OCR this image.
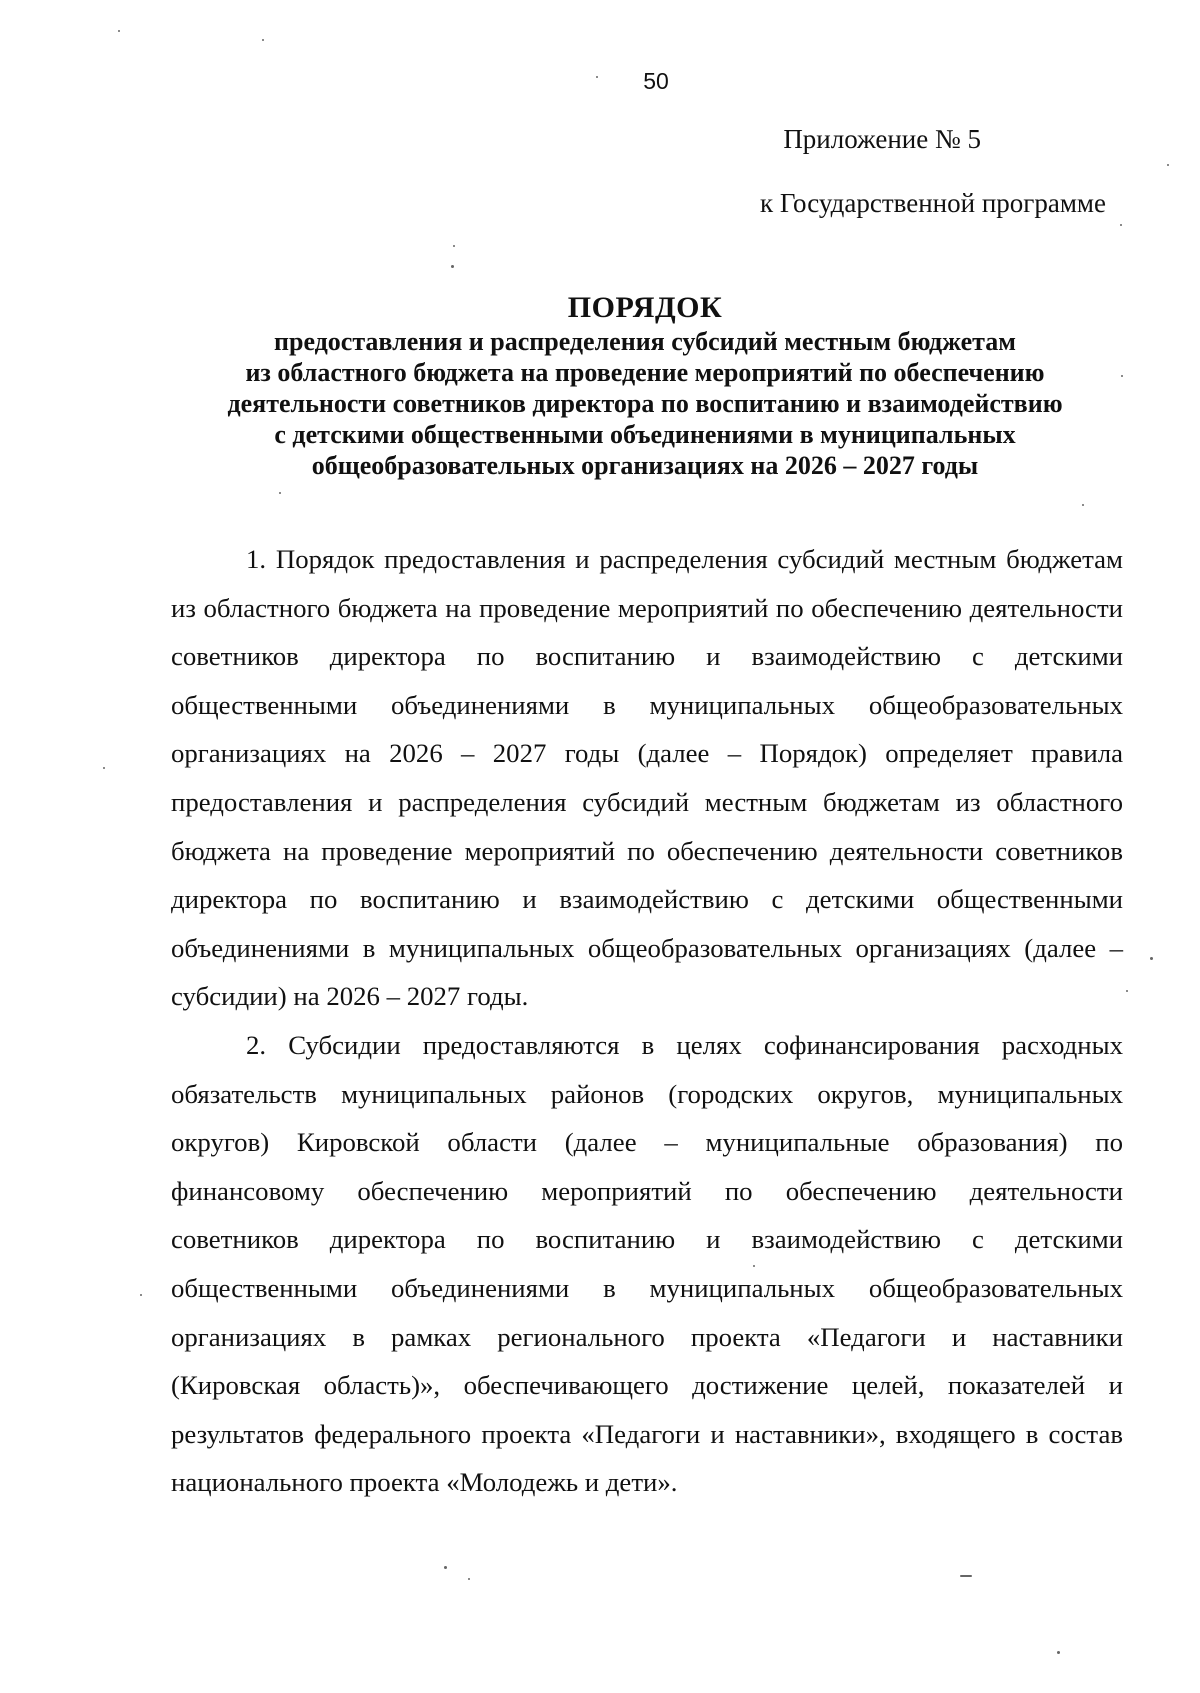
50
Приложение № 5
к Государственной программе
ПОРЯДОК
предоставления и распределения субсидий местным бюджетам
из областного бюджета на проведение мероприятий по обеспечению
деятельности советников директора по воспитанию и взаимодействию
с детскими общественными объединениями в муниципальных
общеобразовательных организациях на 2026 – 2027 годы

1. Порядок предоставления и распределения субсидий местным бюджетам из областного бюджета на проведение мероприятий по обеспечению деятельности советников директора по воспитанию и взаимодействию с детскими общественными объединениями в муниципальных общеобразовательных организациях на 2026 – 2027 годы (далее – Порядок) определяет правила предоставления и распределения субсидий местным бюджетам из областного бюджета на проведение мероприятий по обеспечению деятельности советников директора по воспитанию и взаимодействию с детскими общественными объединениями в муниципальных общеобразовательных организациях (далее – субсидии) на 2026 – 2027 годы.

2. Субсидии предоставляются в целях софинансирования расходных обязательств муниципальных районов (городских округов, муниципальных округов) Кировской области (далее – муниципальные образования) по финансовому обеспечению мероприятий по обеспечению деятельности советников директора по воспитанию и взаимодействию с детскими общественными объединениями в муниципальных общеобразовательных организациях в рамках регионального проекта «Педагоги и наставники (Кировская область)», обеспечивающего достижение целей, показателей и результатов федерального проекта «Педагоги и наставники», входящего в состав национального проекта «Молодежь и дети».
